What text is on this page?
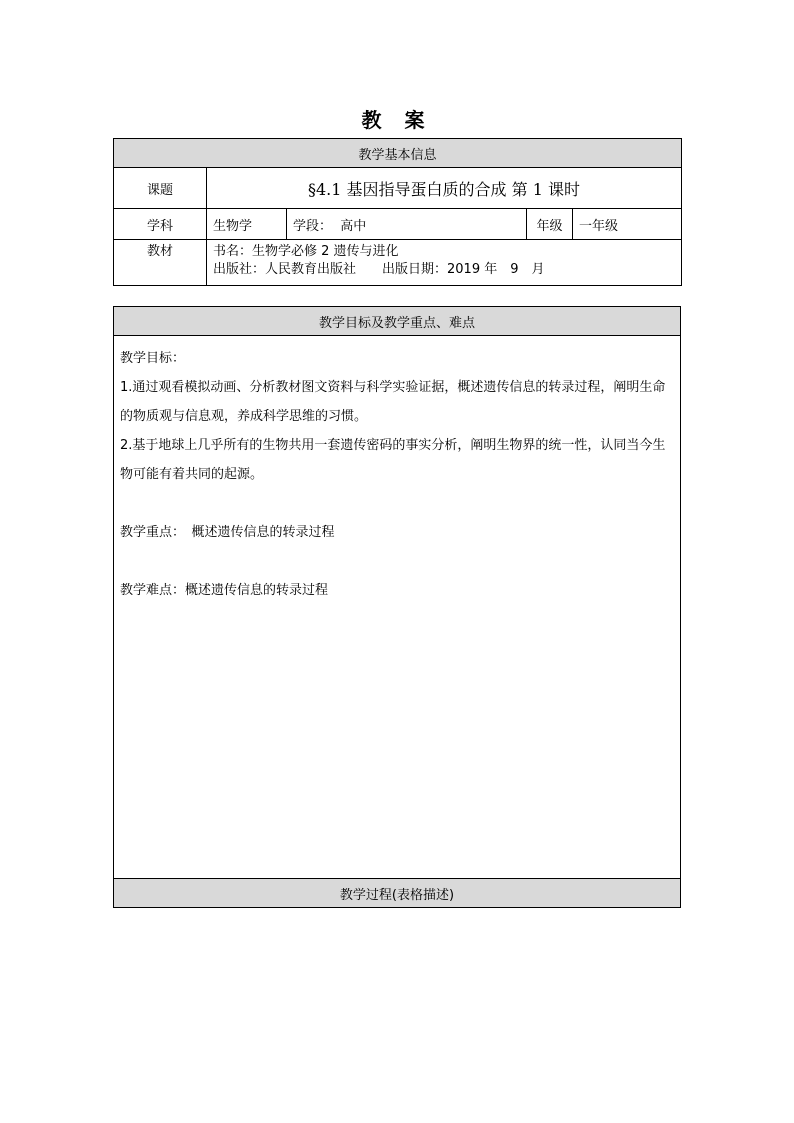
教 案
教学基本信息				
课题	§4.1 基因指导蛋白质的合成 第 1 课时			
学科	生物学	学段： 高中	年级	一年级
教材	书名：生物学必修 2 遗传与进化
出版社：人民教育出版社　　出版日期：2019 年　9　月			
教学目标及教学重点、难点

教学目标：

1.通过观看模拟动画、分析教材图文资料与科学实验证据，概述遗传信息的转录过程，阐明生命的物质观与信息观，养成科学思维的习惯。

2.基于地球上几乎所有的生物共用一套遗传密码的事实分析，阐明生物界的统一性，认同当今生物可能有着共同的起源。

教学重点：　概述遗传信息的转录过程

教学难点：概述遗传信息的转录过程

教学过程(表格描述)
